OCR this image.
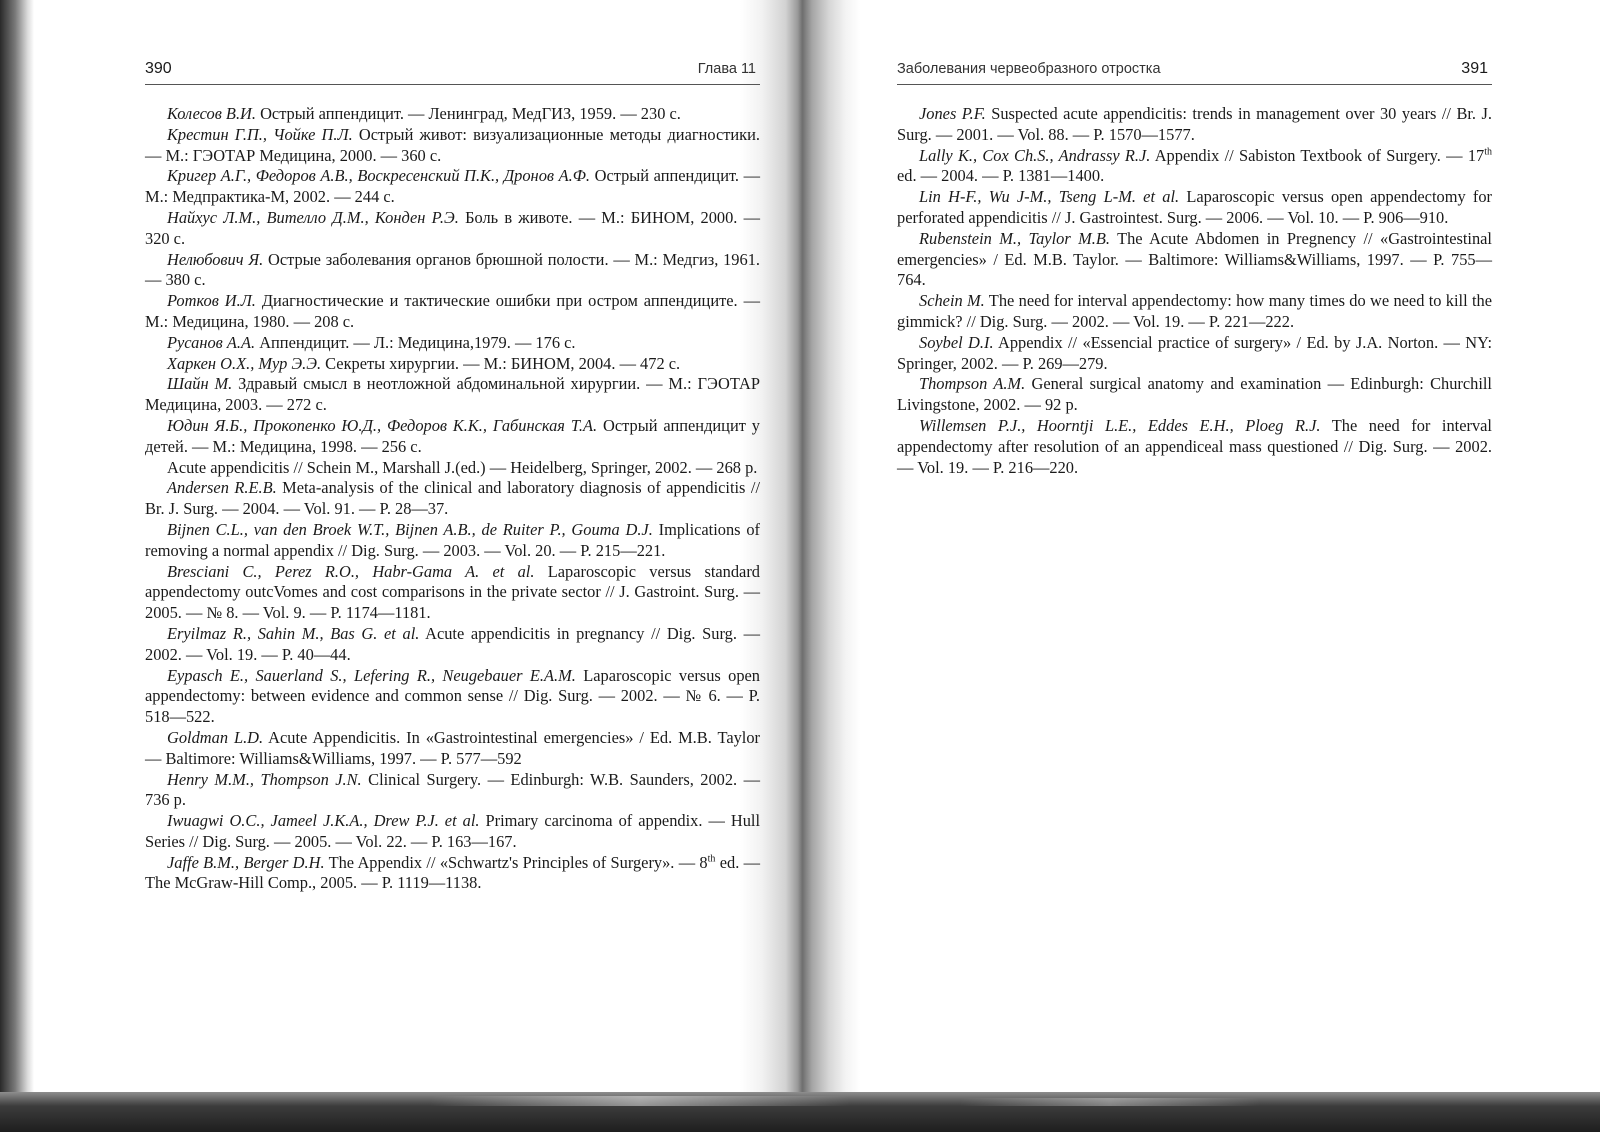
390	Глава 11

Колесов В.И. Острый аппендицит. — Ленинград, МедГИЗ, 1959. — 230 с.

Крестин Г.П., Чойке П.Л. Острый живот: визуализационные методы диагностики. — М.: ГЭОТАР Медицина, 2000. — 360 с.

Кригер А.Г., Федоров А.В., Воскресенский П.К., Дронов А.Ф. Острый аппендицит. — М.: Медпрактика-М, 2002. — 244 с.

Найхус Л.М., Вителло Д.М., Конден Р.Э. Боль в животе. — М.: БИНОМ, 2000. — 320 с.

Нелюбович Я. Острые заболевания органов брюшной полости. — М.: Медгиз, 1961. — 380 с.

Ротков И.Л. Диагностические и тактические ошибки при остром аппендиците. — М.: Медицина, 1980. — 208 с.

Русанов А.А. Аппендицит. — Л.: Медицина,1979. — 176 с.

Харкен О.Х., Мур Э.Э. Секреты хирургии. — М.: БИНОМ, 2004. — 472 с.

Шайн М. Здравый смысл в неотложной абдоминальной хирургии. — М.: ГЭОТАР Медицина, 2003. — 272 с.

Юдин Я.Б., Прокопенко Ю.Д., Федоров К.К., Габинская Т.А. Острый аппендицит у детей. — М.: Медицина, 1998. — 256 с.

Acute appendicitis // Schein M., Marshall J.(ed.) — Heidelberg, Springer, 2002. — 268 p.

Andersen R.E.B. Meta-analysis of the clinical and laboratory diagnosis of appendicitis // Br. J. Surg. — 2004. — Vol. 91. — P. 28—37.

Bijnen C.L., van den Broek W.T., Bijnen A.B., de Ruiter P., Gouma D.J. Implications of removing a normal appendix // Dig. Surg. — 2003. — Vol. 20. — P. 215—221.

Bresciani C., Perez R.O., Habr-Gama A. et al. Laparoscopic versus standard appendectomy outcVomes and cost comparisons in the private sector // J. Gastroint. Surg. — 2005. — № 8. — Vol. 9. — P. 1174—1181.

Eryilmaz R., Sahin M., Bas G. et al. Acute appendicitis in pregnancy // Dig. Surg. — 2002. — Vol. 19. — P. 40—44.

Eypasch E., Sauerland S., Lefering R., Neugebauer E.A.M. Laparoscopic versus open appendectomy: between evidence and common sense // Dig. Surg. — 2002. — № 6. — P. 518—522.

Goldman L.D. Acute Appendicitis. In «Gastrointestinal emergencies» / Ed. M.B. Taylor — Baltimore: Williams&Williams, 1997. — P. 577—592

Henry M.M., Thompson J.N. Clinical Surgery. — Edinburgh: W.B. Saunders, 2002. — 736 p.

Iwuagwi O.C., Jameel J.K.A., Drew P.J. et al. Primary carcinoma of appendix. — Hull Series // Dig. Surg. — 2005. — Vol. 22. — P. 163—167.

Jaffe B.M., Berger D.H. The Appendix // «Schwartz's Principles of Surgery». — 8th ed. — The McGraw-Hill Comp., 2005. — P. 1119—1138.

Заболевания червеобразного отростка	391

Jones P.F. Suspected acute appendicitis: trends in management over 30 years // Br. J. Surg. — 2001. — Vol. 88. — P. 1570—1577.

Lally K., Cox Ch.S., Andrassy R.J. Appendix // Sabiston Textbook of Surgery. — 17th ed. — 2004. — P. 1381—1400.

Lin H-F., Wu J-M., Tseng L-M. et al. Laparoscopic versus open appendectomy for perforated appendicitis // J. Gastrointest. Surg. — 2006. — Vol. 10. — P. 906—910.

Rubenstein M., Taylor M.B. The Acute Abdomen in Pregnency // «Gastrointestinal emergencies» / Ed. M.B. Taylor. — Baltimore: Williams&Williams, 1997. — P. 755—764.

Schein M. The need for interval appendectomy: how many times do we need to kill the gimmick? // Dig. Surg. — 2002. — Vol. 19. — P. 221—222.

Soybel D.I. Appendix // «Essencial practice of surgery» / Ed. by J.A. Norton. — NY: Springer, 2002. — P. 269—279.

Thompson A.M. General surgical anatomy and examination — Edinburgh: Churchill Livingstone, 2002. — 92 p.

Willemsen P.J., Hoorntji L.E., Eddes E.H., Ploeg R.J. The need for interval appendectomy after resolution of an appendiceal mass questioned // Dig. Surg. — 2002. — Vol. 19. — P. 216—220.
